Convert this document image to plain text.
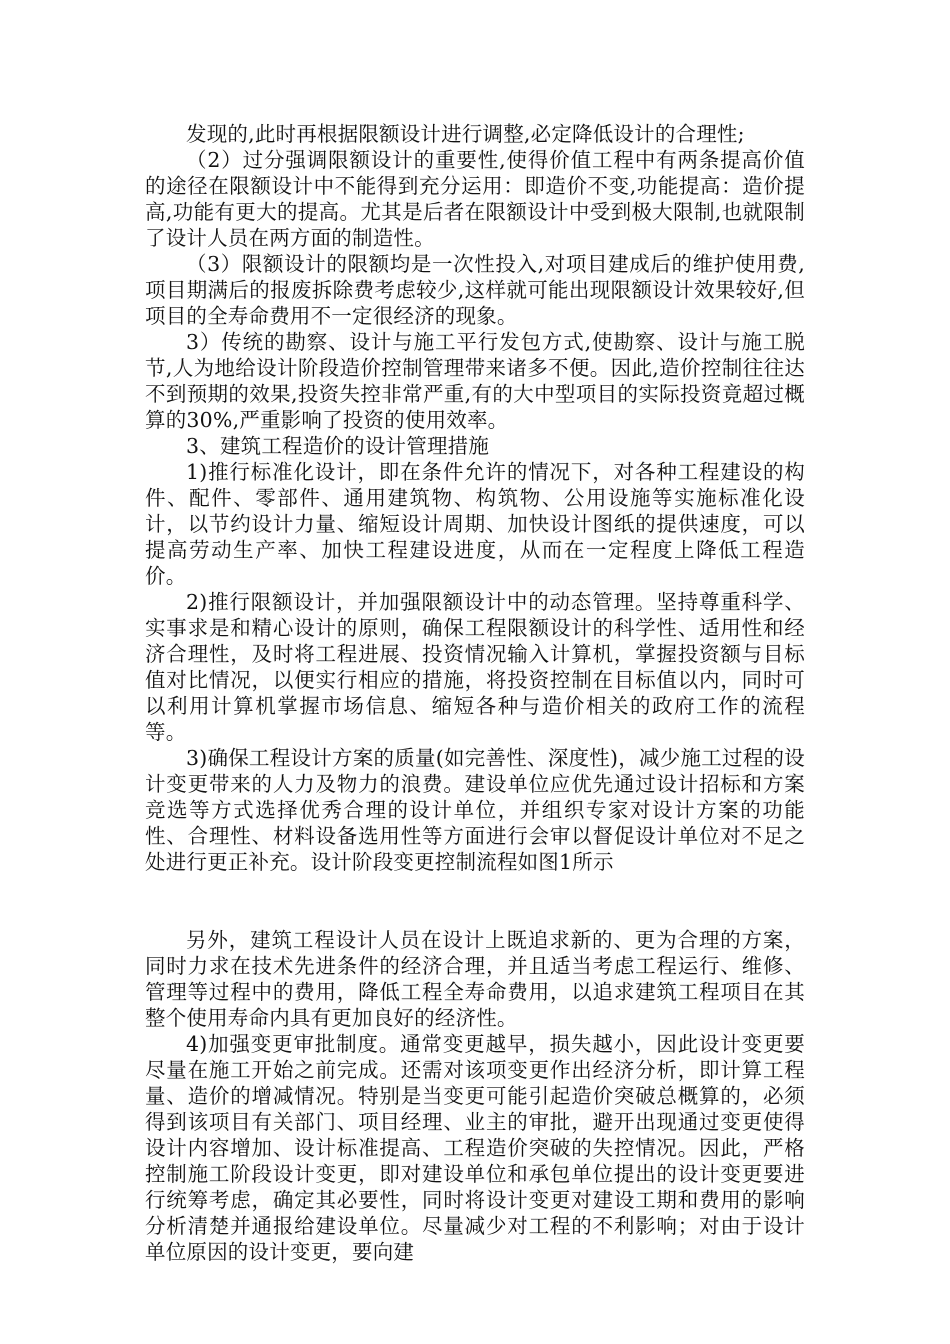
发现的,此时再根据限额设计进行调整,必定降低设计的合理性;

（2）过分强调限额设计的重要性,使得价值工程中有两条提高价值的途径在限额设计中不能得到充分运用：即造价不变,功能提高：造价提高,功能有更大的提高。尤其是后者在限额设计中受到极大限制,也就限制了设计人员在两方面的制造性。

（3）限额设计的限额均是一次性投入,对项目建成后的维护使用费,项目期满后的报废拆除费考虑较少,这样就可能出现限额设计效果较好,但项目的全寿命费用不一定很经济的现象。

3）传统的勘察、设计与施工平行发包方式,使勘察、设计与施工脱节,人为地给设计阶段造价控制管理带来诸多不便。因此,造价控制往往达不到预期的效果,投资失控非常严重,有的大中型项目的实际投资竟超过概算的30%,严重影响了投资的使用效率。

3、建筑工程造价的设计管理措施

1)推行标准化设计，即在条件允许的情况下，对各种工程建设的构件、配件、零部件、通用建筑物、构筑物、公用设施等实施标准化设计，以节约设计力量、缩短设计周期、加快设计图纸的提供速度，可以提高劳动生产率、加快工程建设进度，从而在一定程度上降低工程造价。

2)推行限额设计，并加强限额设计中的动态管理。坚持尊重科学、实事求是和精心设计的原则，确保工程限额设计的科学性、适用性和经济合理性，及时将工程进展、投资情况输入计算机，掌握投资额与目标值对比情况，以便实行相应的措施，将投资控制在目标值以内，同时可以利用计算机掌握市场信息、缩短各种与造价相关的政府工作的流程等。

3)确保工程设计方案的质量(如完善性、深度性)，减少施工过程的设计变更带来的人力及物力的浪费。建设单位应优先通过设计招标和方案竞选等方式选择优秀合理的设计单位，并组织专家对设计方案的功能性、合理性、材料设备选用性等方面进行会审以督促设计单位对不足之处进行更正补充。设计阶段变更控制流程如图1所示

另外，建筑工程设计人员在设计上既追求新的、更为合理的方案，同时力求在技术先进条件的经济合理，并且适当考虑工程运行、维修、管理等过程中的费用，降低工程全寿命费用，以追求建筑工程项目在其整个使用寿命内具有更加良好的经济性。

4)加强变更审批制度。通常变更越早，损失越小，因此设计变更要尽量在施工开始之前完成。还需对该项变更作出经济分析，即计算工程量、造价的增减情况。特别是当变更可能引起造价突破总概算的，必须得到该项目有关部门、项目经理、业主的审批，避开出现通过变更使得设计内容增加、设计标准提高、工程造价突破的失控情况。因此，严格控制施工阶段设计变更，即对建设单位和承包单位提出的设计变更要进行统筹考虑，确定其必要性，同时将设计变更对建设工期和费用的影响分析清楚并通报给建设单位。尽量减少对工程的不利影响；对由于设计单位原因的设计变更，要向建
